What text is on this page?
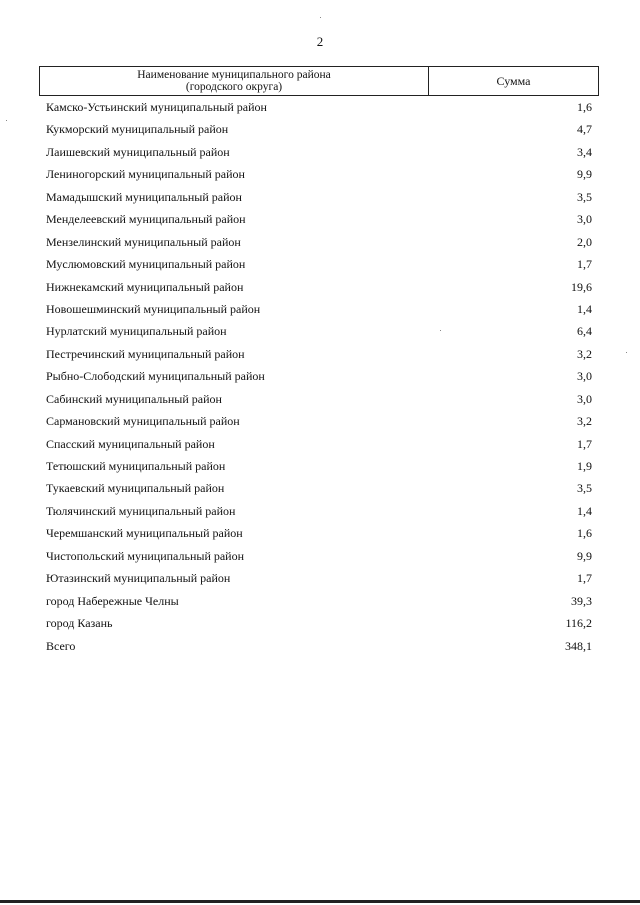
2
Наименование муниципального района
(городского округа)	Сумма
Камско-Устьинский муниципальный район	1,6
Кукморский муниципальный район	4,7
Лаишевский муниципальный район	3,4
Лениногорский муниципальный район	9,9
Мамадышский муниципальный район	3,5
Менделеевский муниципальный район	3,0
Мензелинский муниципальный район	2,0
Муслюмовский муниципальный район	1,7
Нижнекамский муниципальный район	19,6
Новошешминский муниципальный район	1,4
Нурлатский муниципальный район	6,4
Пестречинский муниципальный район	3,2
Рыбно-Слободский муниципальный район	3,0
Сабинский муниципальный район	3,0
Сармановский муниципальный район	3,2
Спасский муниципальный район	1,7
Тетюшский муниципальный район	1,9
Тукаевский муниципальный район	3,5
Тюлячинский муниципальный район	1,4
Черемшанский муниципальный район	1,6
Чистопольский муниципальный район	9,9
Ютазинский муниципальный район	1,7
город Набережные Челны	39,3
город Казань	116,2
Всего	348,1
